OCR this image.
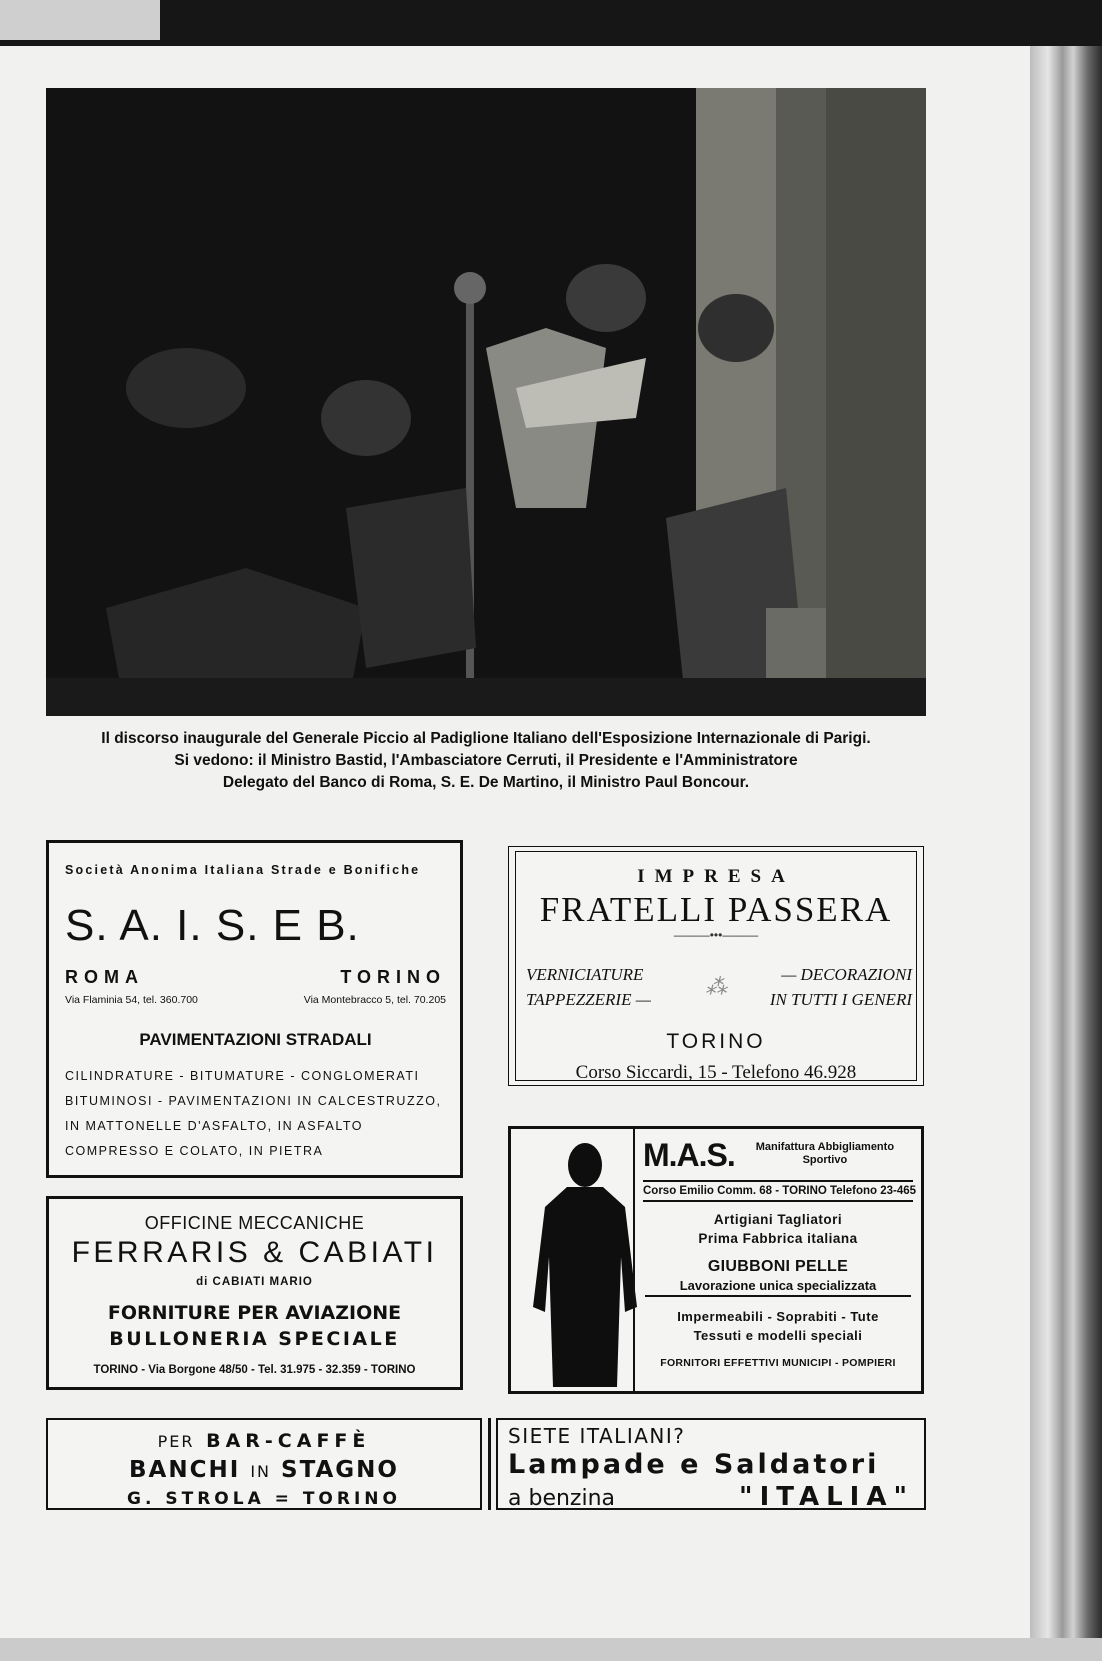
Il discorso inaugurale del Generale Piccio al Padiglione Italiano dell'Esposizione Internazionale di Parigi.
Si vedono: il Ministro Bastid, l'Ambasciatore Cerruti, il Presidente e l'Amministratore
Delegato del Banco di Roma, S. E. De Martino, il Ministro Paul Boncour.
Società Anonima Italiana Strade e Bonifiche
S. A. I. S. E B.
ROMA	TORINO
Via Flaminia 54, tel. 360.700	Via Montebracco 5, tel. 70.205
PAVIMENTAZIONI STRADALI
CILINDRATURE - BITUMATURE - CONGLOMERATI
BITUMINOSI - PAVIMENTAZIONI IN CALCESTRUZZO,
IN MATTONELLE D'ASFALTO, IN ASFALTO
COMPRESSO E COLATO, IN PIETRA
IMPRESA
FRATELLI PASSERA
———•••———
VERNICIATURE
TAPPEZZERIE —
⁂	— DECORAZIONI
IN TUTTI I GENERI
TORINO
Corso Siccardi, 15 - Telefono 46.928
M.A.S.	Manifattura Abbigliamento Sportivo
Corso Emilio Comm. 68 - TORINO Telefono 23-465
Artigiani Tagliatori
Prima Fabbrica italiana
GIUBBONI PELLE
Lavorazione unica specializzata
Impermeabili - Soprabiti - Tute
Tessuti e modelli speciali
FORNITORI EFFETTIVI MUNICIPI - POMPIERI
OFFICINE MECCANICHE
FERRARIS & CABIATI
di CABIATI MARIO
FORNITURE PER AVIAZIONE
BULLONERIA SPECIALE
TORINO - Via Borgone 48/50 - Tel. 31.975 - 32.359 - TORINO
PER BAR-CAFFÈ
BANCHI IN STAGNO
G. STROLA = TORINO
SIETE ITALIANI?
Lampade e Saldatori
a benzina	"ITALIA"
